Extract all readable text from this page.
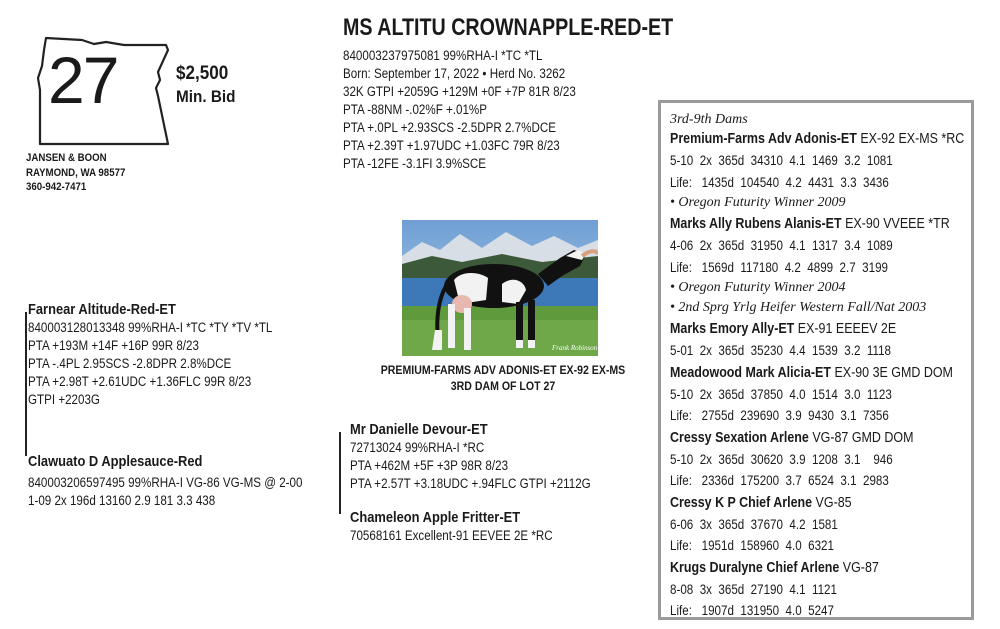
27	$2,500
Min. Bid
JANSEN & BOON
RAYMOND, WA 98577
360-942-7471
MS ALTITU CROWNAPPLE-RED-ET
840003237975081 99%RHA-I *TC *TL
Born: September 17, 2022 • Herd No. 3262
32K GTPI +2059G +129M +0F +7P 81R 8/23
PTA -88NM -.02%F +.01%P
PTA +.0PL +2.93SCS -2.5DPR 2.7%DCE
PTA +2.39T +1.97UDC +1.03FC 79R 8/23
PTA -12FE -3.1FI 3.9%SCE
Frank Robinson
PREMIUM-FARMS ADV ADONIS-ET EX-92 EX-MS
3RD DAM OF LOT 27
Farnear Altitude-Red-ET
840003128013348 99%RHA-I *TC *TY *TV *TL
PTA +193M +14F +16P 99R 8/23
PTA -.4PL 2.95SCS -2.8DPR 2.8%DCE
PTA +2.98T +2.61UDC +1.36FLC 99R 8/23
GTPI +2203G
Clawuato D Applesauce-Red
840003206597495 99%RHA-I VG-86 VG-MS @ 2-00
1-09 2x 196d 13160 2.9 181 3.3 438
Mr Danielle Devour-ET
72713024 99%RHA-I *RC
PTA +462M +5F +3P 98R 8/23
PTA +2.57T +3.18UDC +.94FLC GTPI +2112G
Chameleon Apple Fritter-ET
70568161 Excellent-91 EEVEE 2E *RC
3rd-9th Dams
Premium-Farms Adv Adonis-ET EX-92 EX-MS *RC
5-10  2x  365d  34310  4.1  1469  3.2  1081
Life:   1435d  104540  4.2  4431  3.3  3436
• Oregon Futurity Winner 2009
Marks Ally Rubens Alanis-ET EX-90 VVEEE *TR
4-06  2x  365d  31950  4.1  1317  3.4  1089
Life:   1569d  117180  4.2  4899  2.7  3199
• Oregon Futurity Winner 2004
• 2nd Sprg Yrlg Heifer Western Fall/Nat 2003
Marks Emory Ally-ET EX-91 EEEEV 2E
5-01  2x  365d  35230  4.4  1539  3.2  1118
Meadowood Mark Alicia-ET EX-90 3E GMD DOM
5-10  2x  365d  37850  4.0  1514  3.0  1123
Life:   2755d  239690  3.9  9430  3.1  7356
Cressy Sexation Arlene VG-87 GMD DOM
5-10  2x  365d  30620  3.9  1208  3.1    946
Life:   2336d  175200  3.7  6524  3.1  2983
Cressy K P Chief Arlene VG-85
6-06  3x  365d  37670  4.2  1581
Life:   1951d  158960  4.0  6321
Krugs Duralyne Chief Arlene VG-87
8-08  3x  365d  27190  4.1  1121
Life:   1907d  131950  4.0  5247
